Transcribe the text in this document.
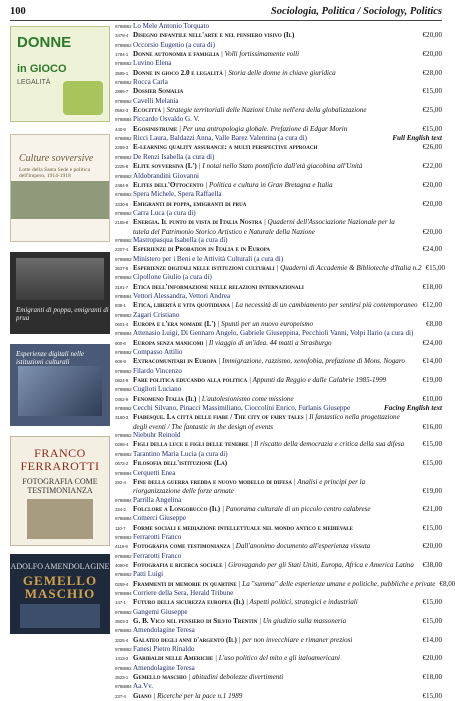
100	Sociologia, Politica / Sociology, Politics
DONNE
in GIOCO
LEGALITÀ
Culture sovversive
Lotte della Santa Sede e politica dell'Impero, 1914-1918
Emigranti di poppa, emigranti di prua
Esperienze digitali nelle istituzioni culturali
FRANCO FERRAROTTI
FOTOGRAFIA COME TESTIMONIANZA
ADOLFO AMENDOLAGINE
GEMELLO MASCHIO
9788862 Lo Mele Antonio Torquato
3478-4 Disegno infantile nell'arte e nel pensiero visivo (Il)	€20,00
9788862 Occorsio Eugenio (a cura di)
1784-1 Donne autonomia e famiglia | Volli fortissimamente volli	€20,00
9788862 Luvino Elena
3595-1 Donne in gioco 2.0 e legalità | Storia delle donne in chiave giuridica	€28,00
9788862 Rocca Carla
2886-7 Dossier Somalia	€15,00
9788862 Cavelli Melania
0592-3 Ecocittà | Strategie territoriali delle Nazioni Unite nell'era della globalizzazione	€25,00
9788884 Piccardo Osvaldo G. V.
440-9	Egosinistrume | Per una antropologia globale. Prefazione di Edgar Morin	€15,00
9788862 Ricci Laura, Baldazzi Anna, Valle Barez Valentina (a cura di)	Full English text
2259-3 E-learning quality assurance: a multi perspective approach	€26,00
9788862 De Renzi Isabella (a cura di)
2225-8 Elite sovversiva (L') | I notai nello Stato pontificio dall'età giacobina all'Unità	€22,00
9788862 Aldobrandini Giovanni
2484-9 Elites dell'Ottocento | Politica e cultura in Gran Bretagna e Italia	€20,00
9788862 Spera Michele, Spera Raffaella
3330-8 Emigranti di poppa, emigranti di prua	€20,00
9788862 Carra Luca (a cura di)
2155-8 Energia. Il punto di vista di Italia Nostra | Quaderni dell'Associazione Nazionale per la
tutela del Patrimonio Storico Artistico e Naturale della Nazione	€20,00
9788862 Mastropasqua Isabella (a cura di)
2207-4 Esperienze di Probation in Italia e in Europa	€24,00
9788862 Ministero per i Beni e le Attività Culturali (a cura di)
3637-8 Esperienze digitali nelle istituzioni culturali | Quaderni di Accademie & Biblioteche d'Italia n.2 €15,00
9788862 Cipollone Giulio (a cura di)
3191-7 Etica dell'informazione nelle relazioni internazionali	€18,00
9788884 Vettori Alessandra, Vettori Andrea
839-1	Etica, libertà e vita quotidiana | La necessità di un cambiamento per sentirsi più contemporaneo €12,00
9788862 Zagari Cristiano
0601-4 Europa e l'era nomade (L') | Spunti per un nuovo europeismo	€8,00
9788884 Attenasio Luigi, Di Gennaro Angelo, Gabriele Giuseppina, Pecchioli Vanni, Volpi Ilario (a cura di)
900-6	Europa senza manicomi | Il viaggio di un'idea. 44 matti a Strasburgo	€24,00
9788862 Compasso Attilio
606-9	Extracomunitari in Europa | Immigrazione, razzismo, xenofobia, prefazione di Mons. Nogaro	€14,00
9788862 Filardo Vincenzo
0824-9 Fare politica educando alla politica | Appunti da Reggio e dalle Calabrie 1985-1999	€19,00
9788862 Cuglioti Luciano
0462-9 Fenomeno Italia (Il) | L'autolesionismo come missione	€10,00
9788862 Cecchi Silvano, Pinacci Massimiliano, Cioccolini Enrico, Furlanis Giuseppe	Facing English text
3160-3 Fiabesque. La città delle fiabe / The city of fairy tales | Il fantastico nella progettazione
degli eventi / The fantastic in the design of events	€16,00
9788862 Niebuhr Reinold
0298-4 Figli della luce e figli delle tenebre | Il riscatto della democrazia e critica della sua difesa	€15,00
9788862 Tarantino Maria Lucia (a cura di)
0672-2 Filosofia dell'istituzione (La)	€15,00
9788884 Cerquetti Enea
292-4	Fine della guerra fredda e nuovo modello di difesa | Analisi e principi per la
riorganizzazione delle forze armate	€19,00
9788884 Parrilla Angelina
324-2	Folclore a Longobucco (Il) | Panorama culturale di un piccolo centro calabrese	€21,00
9788884 Comerci Giuseppe
110-7	Forme sociali e mediazione intellettuale nel mondo antico e medievale	€15,00
9788862 Ferrarotti Franco
4119-8 Fotografia come testimonianza | Dall'anonimo documento all'esperienza vissuta	€20,00
9788862 Ferrarotti Franco
4090-0 Fotografia e ricerca sociale | Girovagando per gli Stati Uniti, Europa, Africa e America Latina	€38,00
9788862 Patti Luigi
0259-4 Frammenti di memorie in quartine | La "summa" delle esperienze umane e politiche, pubbliche e private €8,00
9788884 Corriere della Sera, Herald Tribune
147-1	Futuro della sicurezza europea (Il) | Aspetti politici, strategici e industriali	€15,00
9788862 Gangemi Giuseppe
3503-3 G. B. Vico nel pensiero di Silvio Trentin | Un giudizio sulla massoneria	€15,00
9788862 Amendolagine Teresa
3325-4 Galateo degli anni d'argento (Il) | per non invecchiare e rimaner preziosi	€14,00
9788862 Fanesi Pietro Rinaldo
1313-3 Garibaldi nelle Americhe | L'uso politico del mito e gli italoamericani	€20,00
9788862 Amendolagine Teresa
3523-1 Gemello maschio | abitudini debolezze divertimenti	€18,00
9788884 Aa.Vv.
237-4	Giano | Ricerche per la pace n.1 1989	€15,00
